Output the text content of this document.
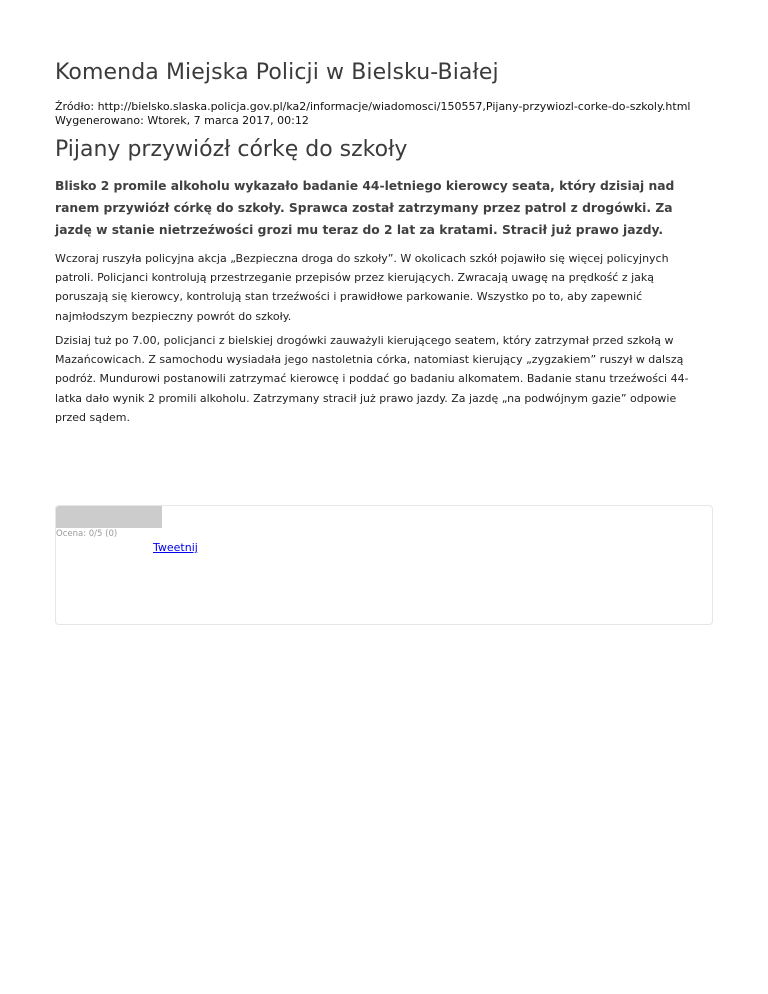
Komenda Miejska Policji w Bielsku-Białej
Źródło: http://bielsko.slaska.policja.gov.pl/ka2/informacje/wiadomosci/150557,Pijany-przywiozl-corke-do-szkoly.html
Wygenerowano: Wtorek, 7 marca 2017, 00:12
Pijany przywiózł córkę do szkoły

Blisko 2 promile alkoholu wykazało badanie 44-letniego kierowcy seata, który dzisiaj nad ranem przywiózł córkę do szkoły. Sprawca został zatrzymany przez patrol z drogówki. Za jazdę w stanie nietrzeźwości grozi mu teraz do 2 lat za kratami. Stracił już prawo jazdy.

Wczoraj ruszyła policyjna akcja „Bezpieczna droga do szkoły”. W okolicach szkół pojawiło się więcej policyjnych patroli. Policjanci kontrolują przestrzeganie przepisów przez kierujących. Zwracają uwagę na prędkość z jaką poruszają się kierowcy, kontrolują stan trzeźwości i prawidłowe parkowanie. Wszystko po to, aby zapewnić najmłodszym bezpieczny powrót do szkoły.

Dzisiaj tuż po 7.00, policjanci z bielskiej drogówki zauważyli kierującego seatem, który zatrzymał przed szkołą w Mazańcowicach. Z samochodu wysiadała jego nastoletnia córka, natomiast kierujący „zygzakiem” ruszył w dalszą podróż. Mundurowi postanowili zatrzymać kierowcę i poddać go badaniu alkomatem. Badanie stanu trzeźwości 44-latka dało wynik 2 promili alkoholu. Zatrzymany stracił już prawo jazdy. Za jazdę „na podwójnym gazie” odpowie przed sądem.

Ocena: 0/5 (0)
Tweetnij
